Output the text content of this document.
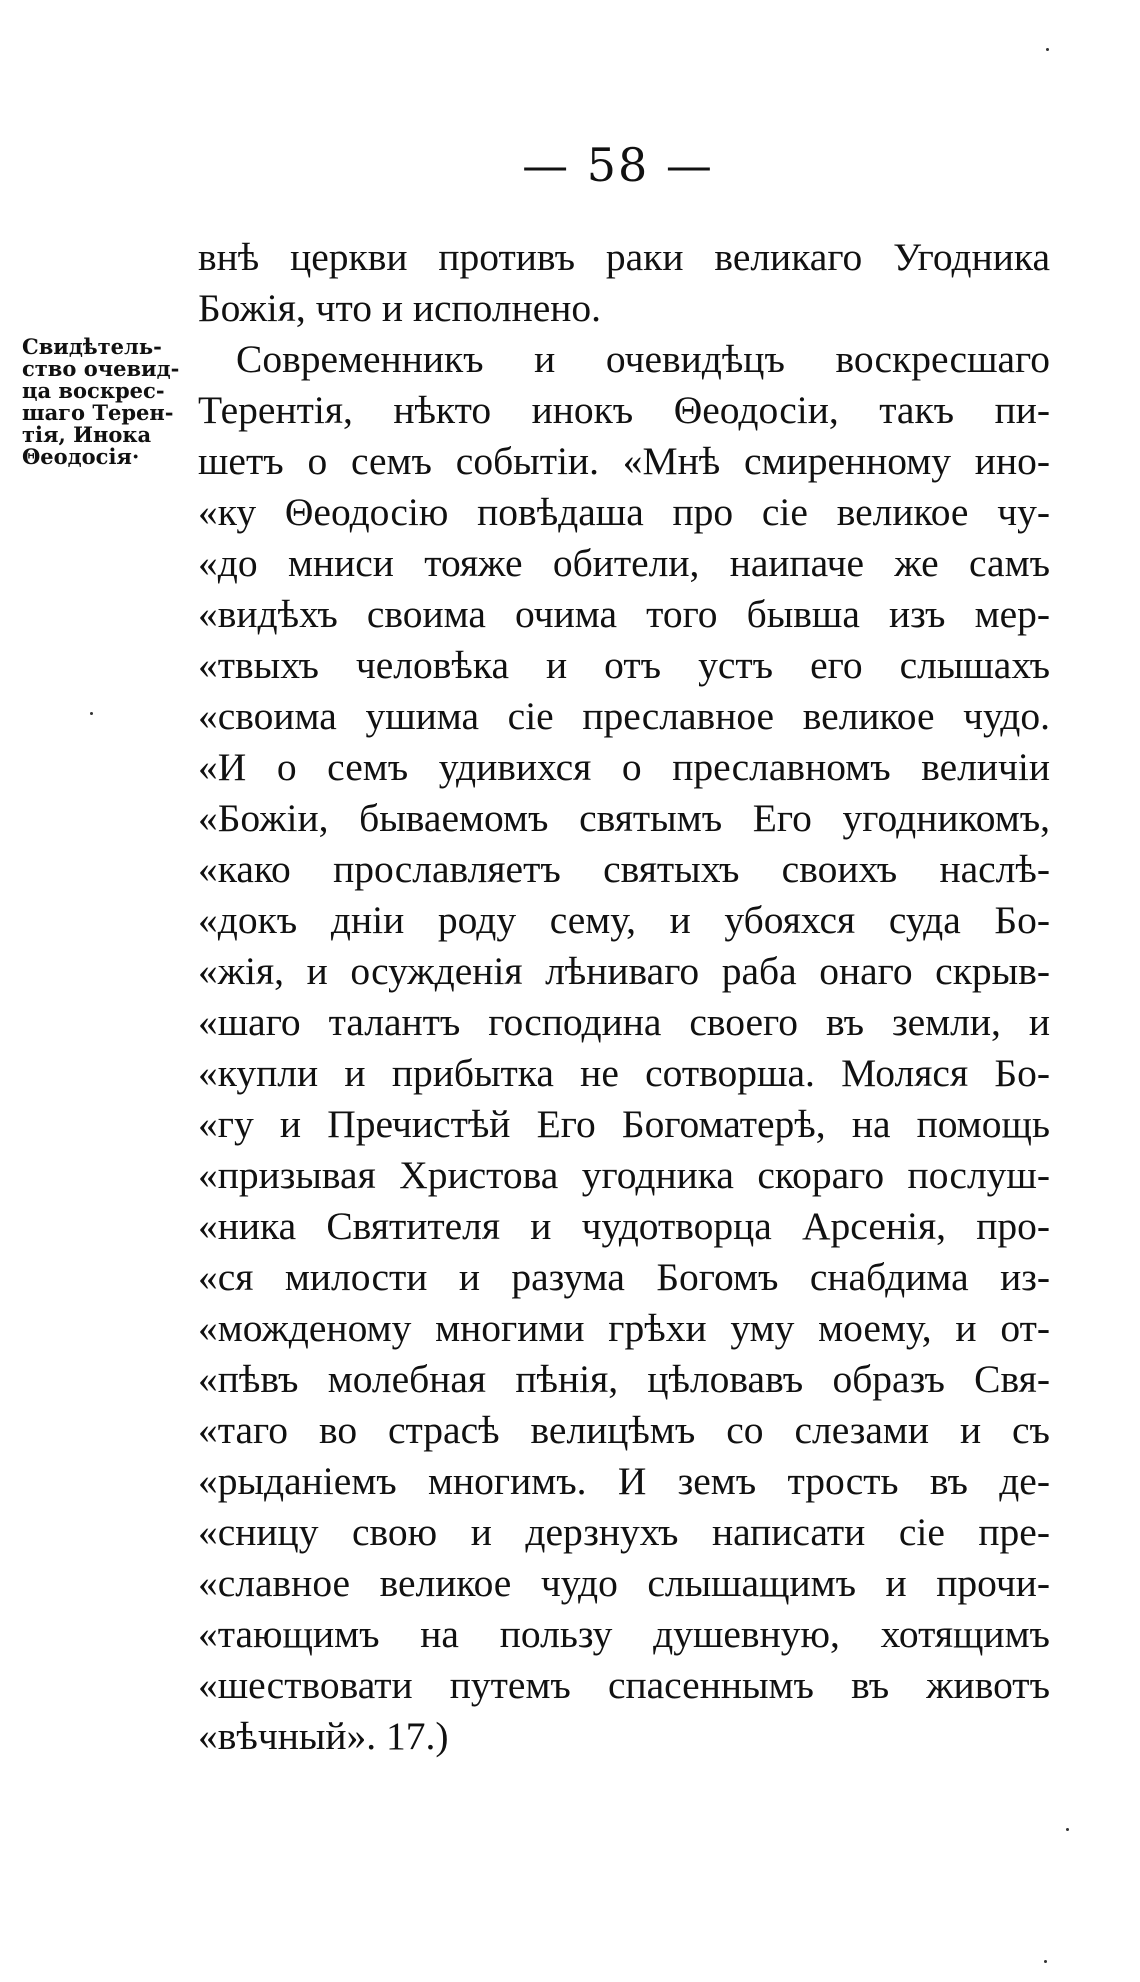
— 58 —
Свидѣтель-
ство очевид-
ца воскрес-
шаго Терен-
тія, Инока
Θеодосія·
внѣ церкви противъ раки великаго Угодника
Божія, что и исполнено.
Современникъ и очевидѣцъ воскресшаго
Терентія, нѣкто инокъ Θеодосіи, такъ пи-
шетъ о семъ событіи. «Мнѣ смиренному ино-
«ку Θеодосію повѣдаша про сіе великое чу-
«до мниси тояже обители, наипаче же самъ
«видѣхъ своима очима того бывша изъ мер-
«твыхъ человѣка и отъ устъ его слышахъ
«своима ушима сіе преславное великое чудо.
«И о семъ удивихся о преславномъ величіи
«Божіи, бываемомъ святымъ Его угодникомъ,
«како прославляетъ святыхъ своихъ наслѣ-
«докъ дніи роду сему, и убояхся суда Бо-
«жія, и осужденія лѣниваго раба онаго скрыв-
«шаго талантъ господина своего въ земли, и
«купли и прибытка не сотворша. Моляся Бо-
«гу и Пречистѣй Его Богоматерѣ, на помощь
«призывая Христова угодника скораго послуш-
«ника Святителя и чудотворца Арсенія, про-
«ся милости и разума Богомъ снабдима из-
«можденому многими грѣхи уму моему, и от-
«пѣвъ молебная пѣнія, цѣловавъ образъ Свя-
«таго во страсѣ велицѣмъ со слезами и съ
«рыданіемъ многимъ. И земъ трость въ де-
«сницу свою и дерзнухъ написати сіе пре-
«славное великое чудо слышащимъ и прочи-
«тающимъ на пользу душевную, хотящимъ
«шествовати путемъ спасеннымъ въ животъ
«вѣчный». 17.)
